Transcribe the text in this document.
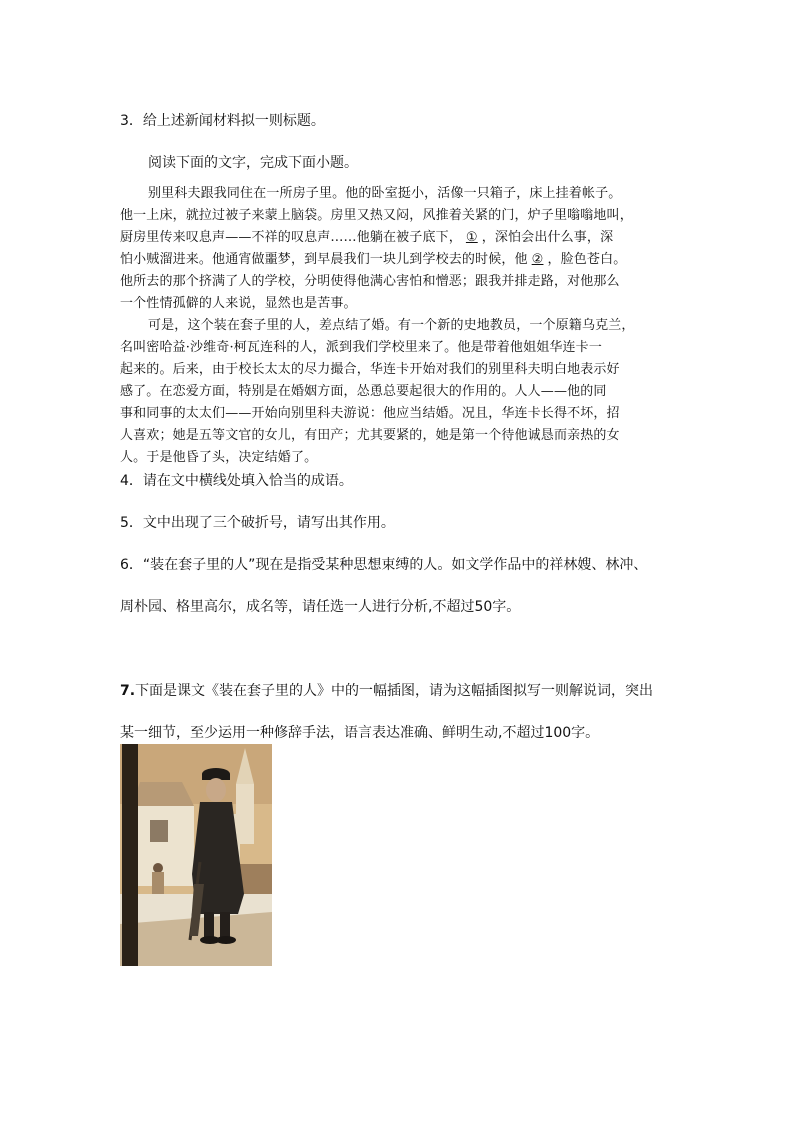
3．给上述新闻材料拟一则标题。
阅读下面的文字，完成下面小题。
别里科夫跟我同住在一所房子里。他的卧室挺小，活像一只箱子，床上挂着帐子。
他一上床，就拉过被子来蒙上脑袋。房里又热又闷，风推着关紧的门，炉子里嗡嗡地叫，
厨房里传来叹息声——不祥的叹息声……他躺在被子底下， ① ，深怕会出什么事，深
怕小贼溜进来。他通宵做噩梦，到早晨我们一块儿到学校去的时候，他 ② ，脸色苍白。
他所去的那个挤满了人的学校，分明使得他满心害怕和憎恶；跟我并排走路，对他那么
一个性情孤僻的人来说，显然也是苦事。
可是，这个装在套子里的人，差点结了婚。有一个新的史地教员，一个原籍乌克兰，
名叫密哈益·沙维奇·柯瓦连科的人，派到我们学校里来了。他是带着他姐姐华连卡一
起来的。后来，由于校长太太的尽力撮合，华连卡开始对我们的别里科夫明白地表示好
感了。在恋爱方面，特别是在婚姻方面，怂恿总要起很大的作用的。人人——他的同
事和同事的太太们——开始向别里科夫游说：他应当结婚。况且，华连卡长得不坏，招
人喜欢；她是五等文官的女儿，有田产；尤其要紧的，她是第一个待他诚恳而亲热的女
人。于是他昏了头，决定结婚了。
4．请在文中横线处填入恰当的成语。
5．文中出现了三个破折号，请写出其作用。
6．“装在套子里的人”现在是指受某种思想束缚的人。如文学作品中的祥林嫂、林冲、
周朴园、格里高尔，成名等，请任选一人进行分析,不超过50字。
7.下面是课文《装在套子里的人》中的一幅插图，请为这幅插图拟写一则解说词，突出
某一细节，至少运用一种修辞手法，语言表达准确、鲜明生动,不超过100字。
